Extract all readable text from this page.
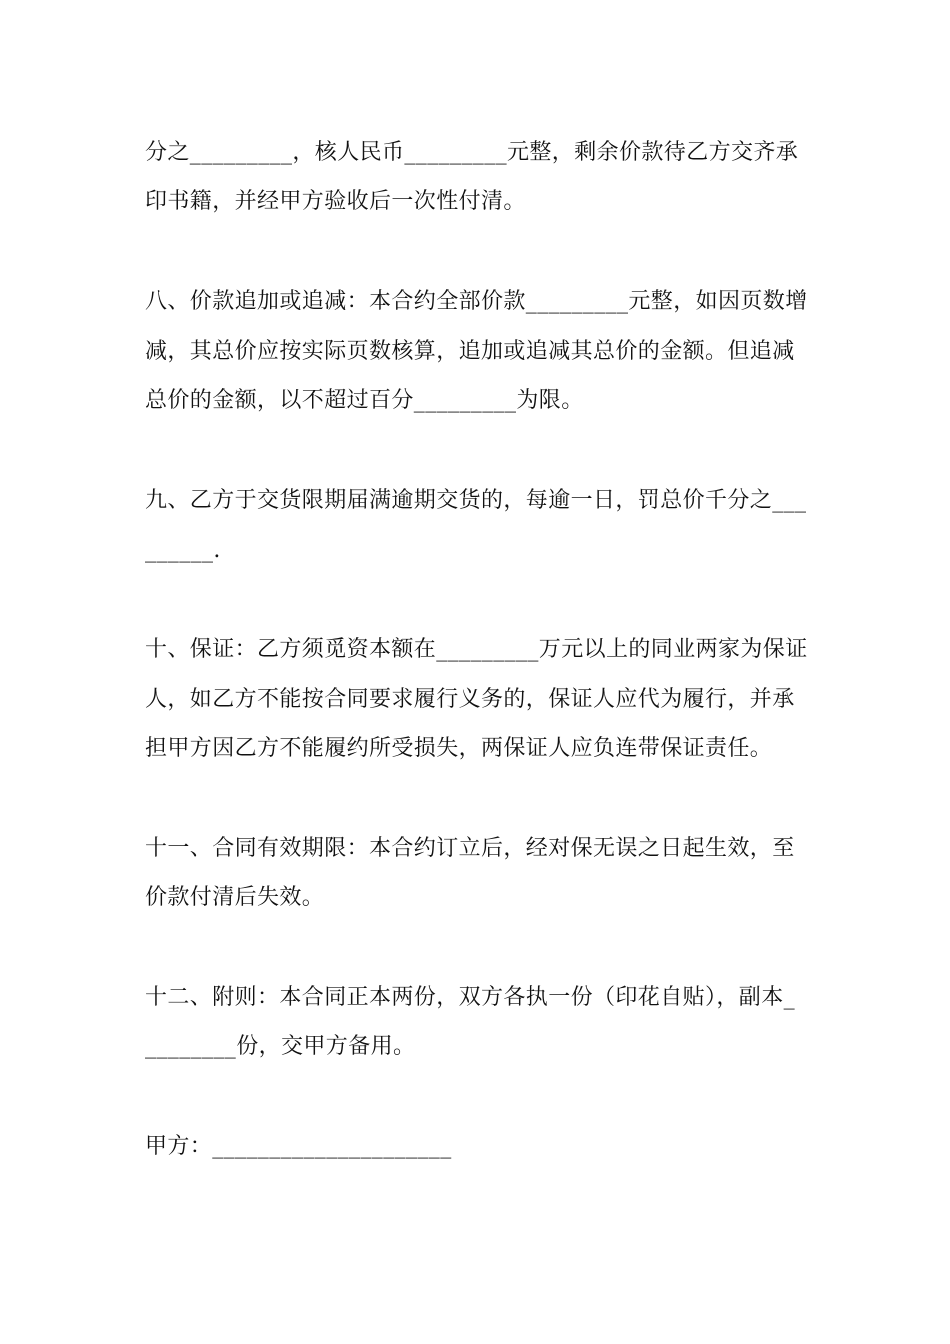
分之_________，核人民币_________元整，剩余价款待乙方交齐承
印书籍，并经甲方验收后一次性付清。
八、价款追加或追减：本合约全部价款_________元整，如因页数增
减，其总价应按实际页数核算，追加或追减其总价的金额。但追减
总价的金额，以不超过百分_________为限。
九、乙方于交货限期届满逾期交货的，每逾一日，罚总价千分之___
______.
十、保证：乙方须觅资本额在_________万元以上的同业两家为保证
人，如乙方不能按合同要求履行义务的，保证人应代为履行，并承
担甲方因乙方不能履约所受损失，两保证人应负连带保证责任。
十一、合同有效期限：本合约订立后，经对保无误之日起生效，至
价款付清后失效。
十二、附则：本合同正本两份，双方各执一份（印花自贴），副本_
________份，交甲方备用。
甲方：_____________________
